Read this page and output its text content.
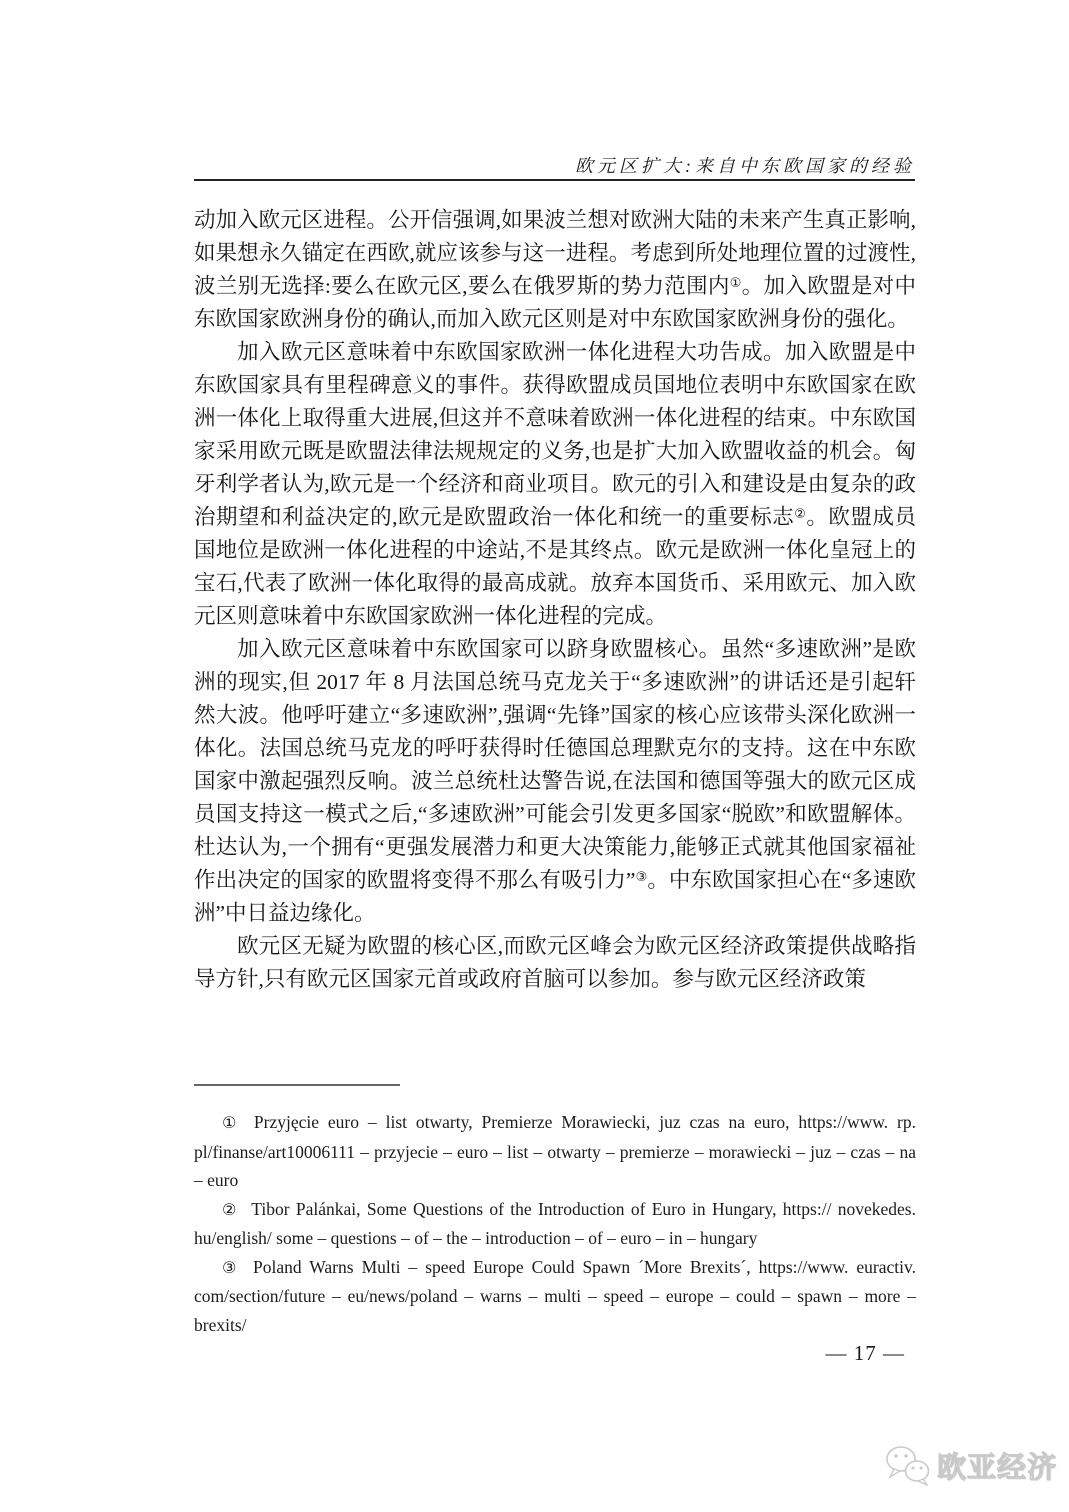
欧元区扩大:来自中东欧国家的经验

动加入欧元区进程。公开信强调,如果波兰想对欧洲大陆的未来产生真正影响,如果想永久锚定在西欧,就应该参与这一进程。考虑到所处地理位置的过渡性,波兰别无选择:要么在欧元区,要么在俄罗斯的势力范围内①。加入欧盟是对中东欧国家欧洲身份的确认,而加入欧元区则是对中东欧国家欧洲身份的强化。

加入欧元区意味着中东欧国家欧洲一体化进程大功告成。加入欧盟是中东欧国家具有里程碑意义的事件。获得欧盟成员国地位表明中东欧国家在欧洲一体化上取得重大进展,但这并不意味着欧洲一体化进程的结束。中东欧国家采用欧元既是欧盟法律法规规定的义务,也是扩大加入欧盟收益的机会。匈牙利学者认为,欧元是一个经济和商业项目。欧元的引入和建设是由复杂的政治期望和利益决定的,欧元是欧盟政治一体化和统一的重要标志②。欧盟成员国地位是欧洲一体化进程的中途站,不是其终点。欧元是欧洲一体化皇冠上的宝石,代表了欧洲一体化取得的最高成就。放弃本国货币、采用欧元、加入欧元区则意味着中东欧国家欧洲一体化进程的完成。

加入欧元区意味着中东欧国家可以跻身欧盟核心。虽然“多速欧洲”是欧洲的现实,但 2017 年 8 月法国总统马克龙关于“多速欧洲”的讲话还是引起轩然大波。他呼吁建立“多速欧洲”,强调“先锋”国家的核心应该带头深化欧洲一体化。法国总统马克龙的呼吁获得时任德国总理默克尔的支持。这在中东欧国家中激起强烈反响。波兰总统杜达警告说,在法国和德国等强大的欧元区成员国支持这一模式之后,“多速欧洲”可能会引发更多国家“脱欧”和欧盟解体。杜达认为,一个拥有“更强发展潜力和更大决策能力,能够正式就其他国家福祉作出决定的国家的欧盟将变得不那么有吸引力”③。中东欧国家担心在“多速欧洲”中日益边缘化。

欧元区无疑为欧盟的核心区,而欧元区峰会为欧元区经济政策提供战略指导方针,只有欧元区国家元首或政府首脑可以参加。参与欧元区经济政策

① Przyjęcie euro – list otwarty, Premierze Morawiecki, juz czas na euro, https://www. rp. pl/finanse/art10006111 – przyjecie – euro – list – otwarty – premierze – morawiecki – juz – czas – na – euro

② Tibor Palánkai, Some Questions of the Introduction of Euro in Hungary, https:// novekedes. hu/english/ some – questions – of – the – introduction – of – euro – in – hungary

③ Poland Warns Multi – speed Europe Could Spawn ´More Brexits´, https://www. euractiv. com/section/future – eu/news/poland – warns – multi – speed – europe – could – spawn – more – brexits/

— 17 —
欧亚经济
